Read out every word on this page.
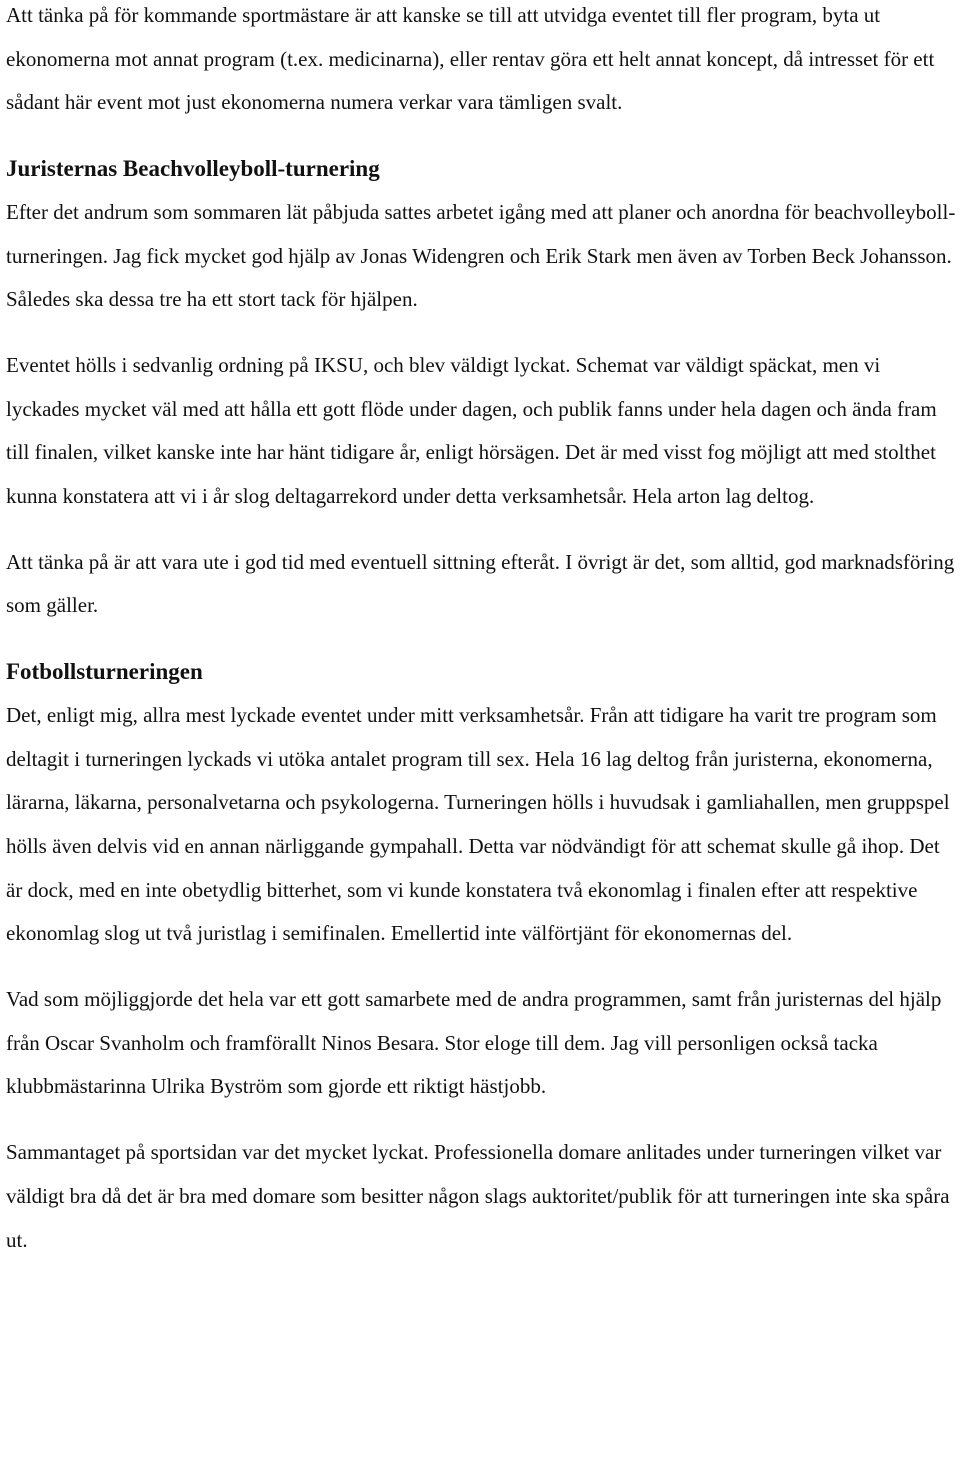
Att tänka på för kommande sportmästare är att kanske se till att utvidga eventet till fler program, byta ut ekonomerna mot annat program (t.ex. medicinarna), eller rentav göra ett helt annat koncept, då intresset för ett sådant här event mot just ekonomerna numera verkar vara tämligen svalt.

Juristernas Beachvolleyboll-turnering

Efter det andrum som sommaren lät påbjuda sattes arbetet igång med att planer och anordna för beachvolleyboll-turneringen. Jag fick mycket god hjälp av Jonas Widengren och Erik Stark men även av Torben Beck Johansson. Således ska dessa tre ha ett stort tack för hjälpen.

Eventet hölls i sedvanlig ordning på IKSU, och blev väldigt lyckat. Schemat var väldigt späckat, men vi lyckades mycket väl med att hålla ett gott flöde under dagen, och publik fanns under hela dagen och ända fram till finalen, vilket kanske inte har hänt tidigare år, enligt hörsägen. Det är med visst fog möjligt att med stolthet kunna konstatera att vi i år slog deltagarrekord under detta verksamhetsår. Hela arton lag deltog.

Att tänka på är att vara ute i god tid med eventuell sittning efteråt. I övrigt är det, som alltid, god marknadsföring som gäller.

Fotbollsturneringen

Det, enligt mig, allra mest lyckade eventet under mitt verksamhetsår. Från att tidigare ha varit tre program som deltagit i turneringen lyckads vi utöka antalet program till sex. Hela 16 lag deltog från juristerna, ekonomerna, lärarna, läkarna, personalvetarna och psykologerna. Turneringen hölls i huvudsak i gamliahallen, men gruppspel hölls även delvis vid en annan närliggande gympahall. Detta var nödvändigt för att schemat skulle gå ihop. Det är dock, med en inte obetydlig bitterhet, som vi kunde konstatera två ekonomlag i finalen efter att respektive ekonomlag slog ut två juristlag i semifinalen. Emellertid inte välförtjänt för ekonomernas del.

Vad som möjliggjorde det hela var ett gott samarbete med de andra programmen, samt från juristernas del hjälp från Oscar Svanholm och framförallt Ninos Besara. Stor eloge till dem. Jag vill personligen också tacka klubbmästarinna Ulrika Byström som gjorde ett riktigt hästjobb.

Sammantaget på sportsidan var det mycket lyckat. Professionella domare anlitades under turneringen vilket var väldigt bra då det är bra med domare som besitter någon slags auktoritet/publik för att turneringen inte ska spåra ut.
